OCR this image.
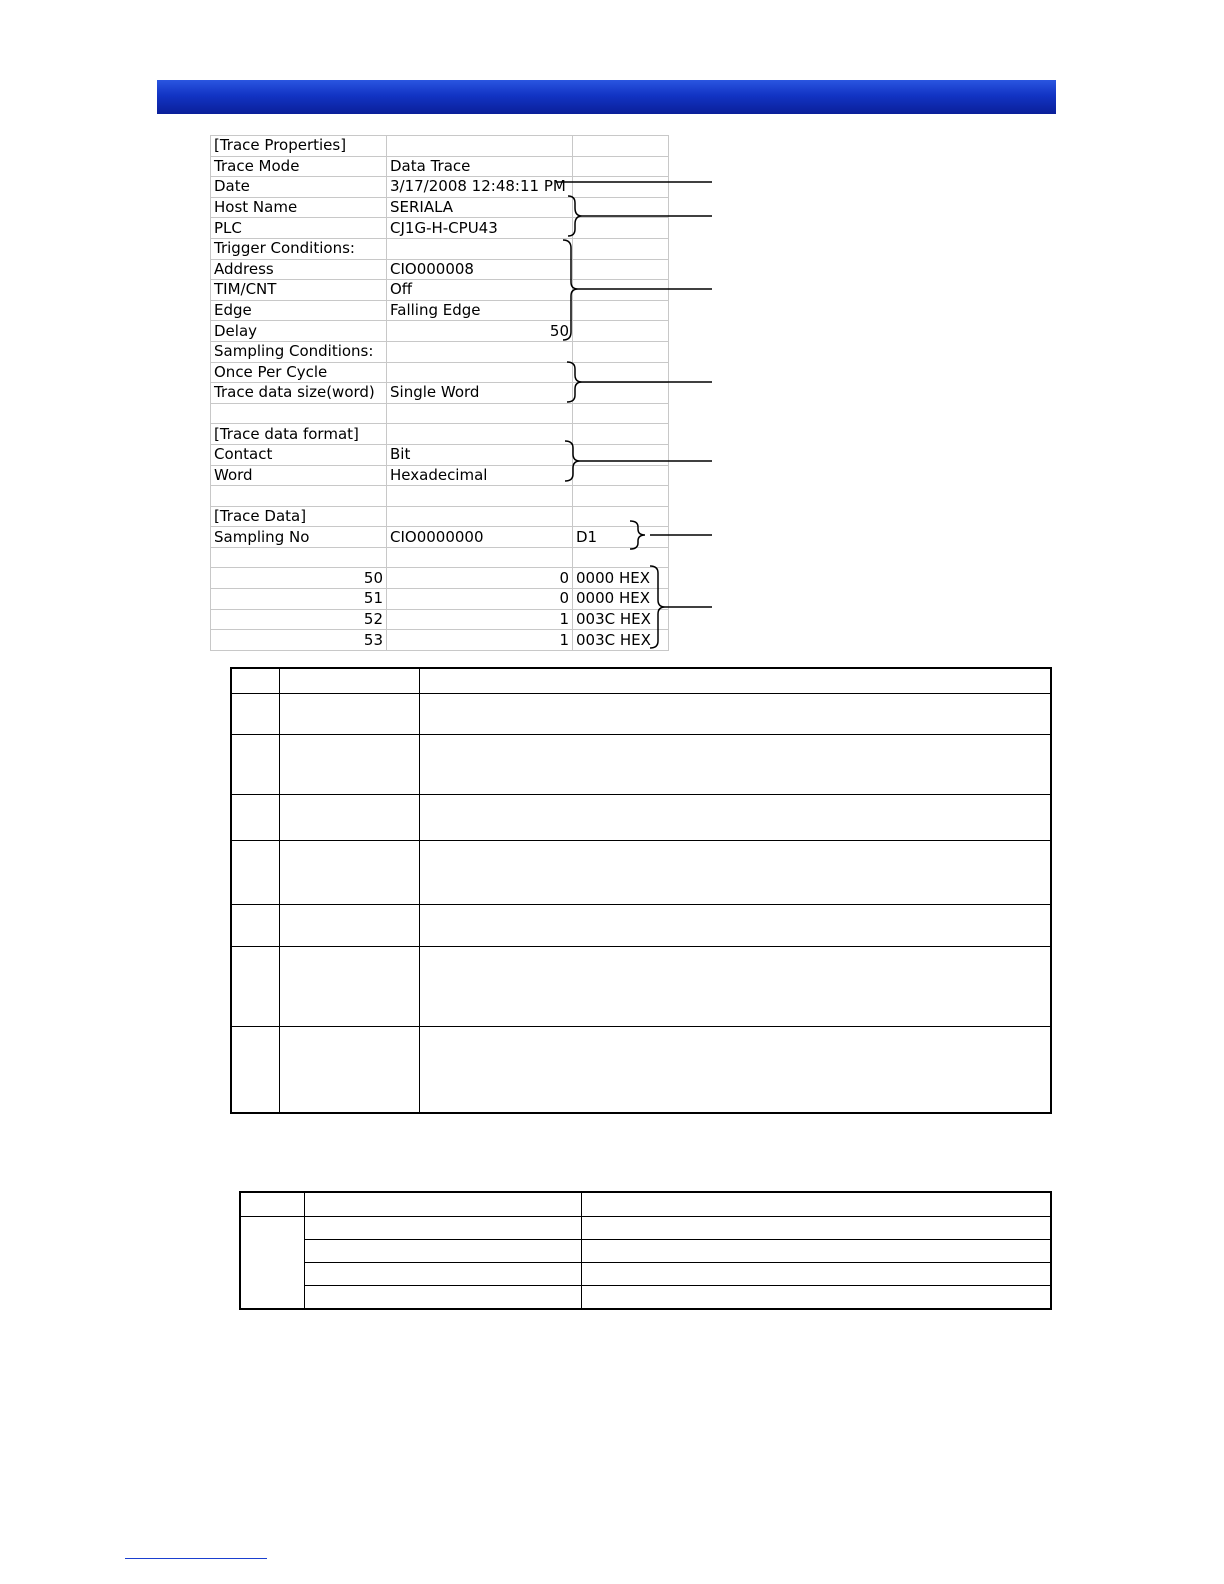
[Trace Properties]		
Trace Mode	Data Trace	
Date	3/17/2008 12:48:11 PM	
Host Name	SERIALA	
PLC	CJ1G-H-CPU43	
Trigger Conditions:		
Address	CIO000008	
TIM/CNT	Off	
Edge	Falling Edge	
Delay	50	
Sampling Conditions:		
Once Per Cycle		
Trace data size(word)	Single Word	

[Trace data format]		
Contact	Bit	
Word	Hexadecimal	

[Trace Data]		
Sampling No	CIO0000000	D1

50	0	0000 HEX
51	0	0000 HEX
52	1	003C HEX
53	1	003C HEX
